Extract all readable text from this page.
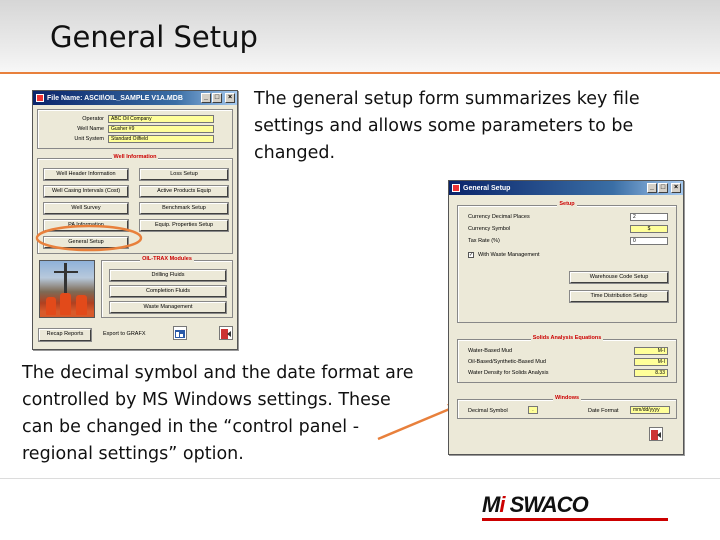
General Setup
The general setup form summarizes key file settings and allows some parameters to be changed.
The decimal symbol and the date format are controlled by MS Windows settings. These can be changed in the “control panel - regional settings” option.
File Name: ASCII\OIL_SAMPLE V1A.MDB	_ □	×
Operator	ABC Oil Company
Well Name	Gusher #9
Unit System	Standard Oilfield
Well Information
Well Header Information	Loss Setup
Well Casing Intervals (Cost)	Active Products Equip
Well Survey	Benchmark Setup
PA Information	Equip. Properties Setup
General Setup
OIL-TRAX Modules
Drilling Fluids
Completion Fluids
Waste Management
Recap Reports	Export to GRAFX
General Setup	_ □	×
Setup
Currency Decimal Places	2
Currency Symbol	$
Tax Rate (%)	0
✓ With Waste Management
Warehouse Code Setup
Time Distribution Setup
Solids Analysis Equations
Water-Based Mud	M-I
Oil-Based/Synthetic-Based Mud	M-I
Water Density for Solids Analysis	8.33
Windows
Decimal Symbol	.	Date Format	mm/dd/yyyy
Mi SWACO
